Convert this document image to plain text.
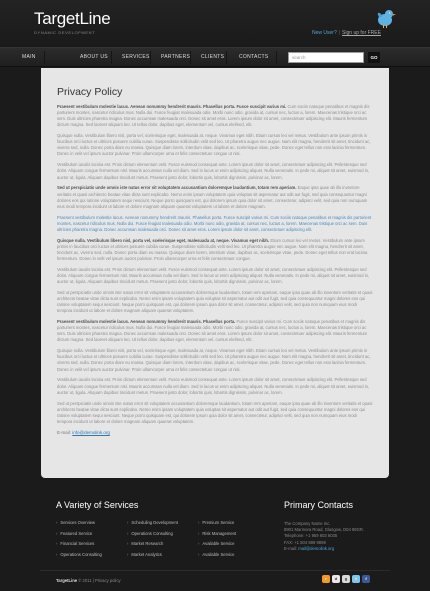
TargetLine
DYNAMIC DEVELOPMENT	New User? | Sign up for FREE
MAIN	ABOUT US	SERVICES PARTNERS CLIENTS	CONTACTS	search	GO
Privacy Policy

Praesent vestibulum molestie lacus. Aenean nonummy hendrerit mauris. Phasellus porta. Fusce suscipit varius mi. Cum sociis natoque penatibus et magnis dis parturient montes, nascetur ridiculus mus. Nulla dui. Fusce feugiat malesuada odio. Morbi nunc odio, gravida at, cursus nec, luctus a, lorem. Maecenas tristique orci ac sem. Duis ultricies pharetra magna. Donec accumsan malesuada orci. Donec sit amet eros. Lorem ipsum dolor sit amet, consectetuer adipiscing elit. Mauris fermentum dictum magna. Sed laoreet aliquam leo. Ut tellus dolor, dapibus eget, elementum vel, cursus eleifend, elit.

Quisque nulla. Vestibulum libero nisl, porta vel, scelerisque eget, malesuada at, neque. Vivamus eget nibh. Etiam cursus leo vel metus. Vestibulum ante ipsum primis in faucibus orci luctus et ultrices posuere cubilia curae. Suspendisse sollicitudin velit sed leo. Ut pharetra augue nec augue. Nam elit magna, hendrerit sit amet, tincidunt ac, viverra sed, nulla. Donec porta diam eu massa. Quisque diam lorem, interdum vitae, dapibus ac, scelerisque vitae, pede. Donec eget tellus non erat lacinia fermentum. Donec in velit vel ipsum auctor pulvinar. Proin ullamcorper urna et felis consectetuer congue ut nisi.

Vestibulum iaculis lacinia est. Proin dictum elementum velit. Fusce euismod consequat ante. Lorem ipsum dolor sit amet, consectetuer adipiscing elit. Pellentesque sed dolor. Aliquam congue fermentum nisl. Mauris accumsan nulla vel diam. Sed in lacus ut enim adipiscing aliquet. Nulla venenatis. In pede mi, aliquet sit amet, euismod in, auctor ut, ligula. Aliquam dapibus tincidunt metus. Praesent justo dolor, lobortis quis, lobortis dignissim, pulvinar ac, lorem.

Sed ut perspiciatis unde omnis iste natus error sit voluptatem accusantium doloremque laudantium, totam rem aperiam. Eaque ipsa quae ab illo inventore veritatis et quasi architecto beatae vitae dicta sunt explicabo. Nemo enim ipsam voluptatem quia voluptas sit aspernatur aut odit aut fugit, sed quia consequuntur magni dolores eos qui ratione voluptatem sequi nesciunt. Neque porro quisquam est, qui dolorem ipsum quia dolor sit amet, consectetur, adipisci velit, sed quia non numquam eius modi tempora incidunt ut labore et dolore magnam aliquam quaerat voluptatem ut labore et dolore magnam.

Praesent vestibulum molestie lacus. Aenean nonummy hendrerit mauris. Phasellus porta. Fusce suscipit varius mi. Cum sociis natoque penatibus et magnis dis parturient montes, nascetur ridiculus mus. Nulla dui. Fusce feugiat malesuada odio. Morbi nunc odio, gravida at, cursus nec, luctus a, lorem. Maecenas tristique orci ac sem. Duis ultricies pharetra magna. Donec accumsan malesuada orci. Donec sit amet eros. Lorem ipsum dolor sit amet, consectetuer adipiscing elit.

Quisque nulla. Vestibulum libero nisl, porta vel, scelerisque eget, malesuada at, neque. Vivamus eget nibh. Etiam cursus leo vel metus. Vestibulum ante ipsum primis in faucibus orci luctus et ultrices posuere cubilia curae. Suspendisse sollicitudin velit sed leo. Ut pharetra augue nec augue. Nam elit magna, hendrerit sit amet, tincidunt ac, viverra sed, nulla. Donec porta diam eu massa. Quisque diam lorem, interdum vitae, dapibus ac, scelerisque vitae, pede. Donec eget tellus non erat lacinia fermentum. Donec in velit vel ipsum auctor pulvinar. Proin ullamcorper urna et felis consectetuer congue.

Vestibulum iaculis lacinia est. Proin dictum elementum velit. Fusce euismod consequat ante. Lorem ipsum dolor sit amet, consectetuer adipiscing elit. Pellentesque sed dolor. Aliquam congue fermentum nisl. Mauris accumsan nulla vel diam. Sed in lacus ut enim adipiscing aliquet. Nulla venenatis. In pede mi, aliquet sit amet, euismod in, auctor ut, ligula. Aliquam dapibus tincidunt metus. Praesent justo dolor, lobortis quis, lobortis dignissim, pulvinar ac, lorem.

Sed ut perspiciatis unde omnis iste natus error sit voluptatem accusantium doloremque laudantium, totam rem aperiam, eaque ipsa quae ab illo inventore veritatis et quasi architecto beatae vitae dicta sunt explicabo. Nemo enim ipsam voluptatem quia voluptas sit aspernatur aut odit aut fugit, sed quia consequuntur magni dolores eos qui ratione voluptatem sequi nesciunt. Neque porro quisquam est, qui dolorem ipsum quia dolor sit amet, consectetur, adipisci velit, sed quia non numquam eius modi tempora incidunt ut labore et dolore magnam aliquam quaerat voluptatem.

Praesent vestibulum molestie lacus. Aenean nonummy hendrerit mauris. Phasellus porta. Fusce suscipit varius mi. Cum sociis natoque penatibus et magnis dis parturient montes, nascetur ridiculus mus. Nulla dui. Fusce feugiat malesuada odio. Morbi nunc odio, gravida at, cursus nec, luctus a, lorem. Maecenas tristique orci ac sem. Duis ultricies pharetra magna. Donec accumsan malesuada orci. Donec sit amet eros. Lorem ipsum dolor sit amet, consectetuer adipiscing elit. Mauris fermentum dictum magna. Sed laoreet aliquam leo. Ut tellus dolor, dapibus eget, elementum vel, cursus eleifend, elit.

Quisque nulla. Vestibulum libero nisl, porta vel, scelerisque eget, malesuada at, neque. Vivamus eget nibh. Etiam cursus leo vel metus. Vestibulum ante ipsum primis in faucibus orci luctus et ultrices posuere cubilia curae. Suspendisse sollicitudin velit sed leo. Ut pharetra augue nec augue. Nam elit magna, hendrerit sit amet, tincidunt ac, viverra sed, nulla. Donec porta diam eu massa. Quisque diam lorem, interdum vitae, dapibus ac, scelerisque vitae, pede. Donec eget tellus non erat lacinia fermentum. Donec in velit vel ipsum auctor pulvinar. Proin ullamcorper urna et felis consectetuer congue ut nisi.

Vestibulum iaculis lacinia est. Proin dictum elementum velit. Fusce euismod consequat ante. Lorem ipsum dolor sit amet, consectetuer adipiscing elit. Pellentesque sed dolor. Aliquam congue fermentum nisl. Mauris accumsan nulla vel diam. Sed in lacus ut enim adipiscing aliquet. Nulla venenatis. In pede mi, aliquet sit amet, euismod in, auctor ut, ligula. Aliquam dapibus tincidunt metus. Praesent justo dolor, lobortis quis, lobortis dignissim, pulvinar ac, lorem.

Sed ut perspiciatis unde omnis iste natus error sit voluptatem accusantium doloremque laudantium, totam rem aperiam, eaque ipsa quae ab illo inventore veritatis et quasi architecto beatae vitae dicta sunt explicabo. Nemo enim ipsam voluptatem quia voluptas sit aspernatur aut odit aut fugit, sed quia consequuntur magni dolores eos qui ratione voluptatem sequi nesciunt. Neque porro quisquam est, qui dolorem ipsum quia dolor sit amet, consectetur, adipisci velit, sed quia non numquam eius modi tempora incidunt ut labore et dolore magnam aliquam quaerat voluptatem.

E-mail: info@demolink.org
A Variety of Services	Primary Contacts
› Services Overview
› Featured Service
› Financial Services
› Operations Consulting
› Scheduling Development
› Operations Consulting
› Market Research
› Market Analytics
› Premium Service
› Risk Management
› Available Service
› Available Service
The Company Name Inc.
8901 Marmora Road, Glasgow, D04 89GR.
Telephone: +1 959 603 6035
FAX: +1 504 889 9898
E-mail: mail@demolink.org
TargetLine © 2011 | Privacy policy	r	d	g	t	f
